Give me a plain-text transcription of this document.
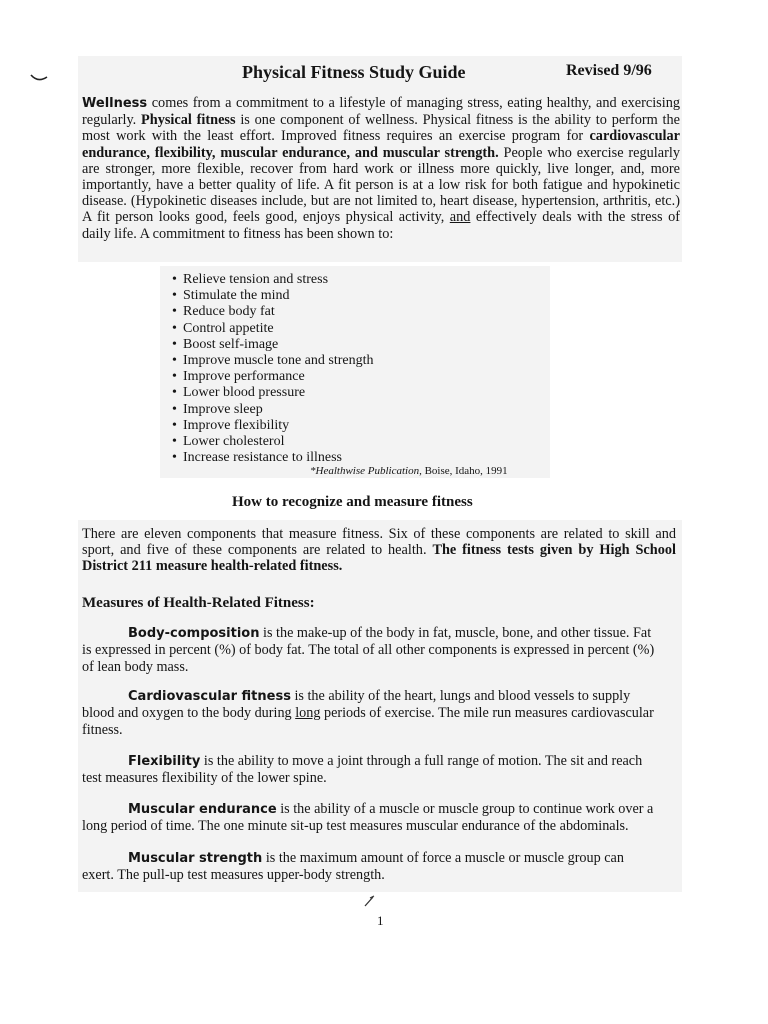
Physical Fitness Study Guide	Revised 9/96
Wellness comes from a commitment to a lifestyle of managing stress, eating healthy, and exercising regularly. Physical fitness is one component of wellness. Physical fitness is the ability to perform the most work with the least effort. Improved fitness requires an exercise program for cardiovascular endurance, flexibility, muscular endurance, and muscular strength. People who exercise regularly are stronger, more flexible, recover from hard work or illness more quickly, live longer, and, more importantly, have a better quality of life. A fit person is at a low risk for both fatigue and hypokinetic disease. (Hypokinetic diseases include, but are not limited to, heart disease, hypertension, arthritis, etc.) A fit person looks good, feels good, enjoys physical activity, and effectively deals with the stress of daily life. A commitment to fitness has been shown to:
• Relieve tension and stress
• Stimulate the mind
• Reduce body fat
• Control appetite
• Boost self-image
• Improve muscle tone and strength
• Improve performance
• Lower blood pressure
• Improve sleep
• Improve flexibility
• Lower cholesterol
• Increase resistance to illness
*Healthwise Publication, Boise, Idaho, 1991
How to recognize and measure fitness
There are eleven components that measure fitness. Six of these components are related to skill and sport, and five of these components are related to health. The fitness tests given by High School District 211 measure health-related fitness.
Measures of Health-Related Fitness:
Body-composition is the make-up of the body in fat, muscle, bone, and other tissue. Fat is expressed in percent (%) of body fat. The total of all other components is expressed in percent (%) of lean body mass.
Cardiovascular fitness is the ability of the heart, lungs and blood vessels to supply blood and oxygen to the body during long periods of exercise. The mile run measures cardiovascular fitness.
Flexibility is the ability to move a joint through a full range of motion. The sit and reach test measures flexibility of the lower spine.
Muscular endurance is the ability of a muscle or muscle group to continue work over a long period of time. The one minute sit-up test measures muscular endurance of the abdominals.
Muscular strength is the maximum amount of force a muscle or muscle group can exert. The pull-up test measures upper-body strength.
1
